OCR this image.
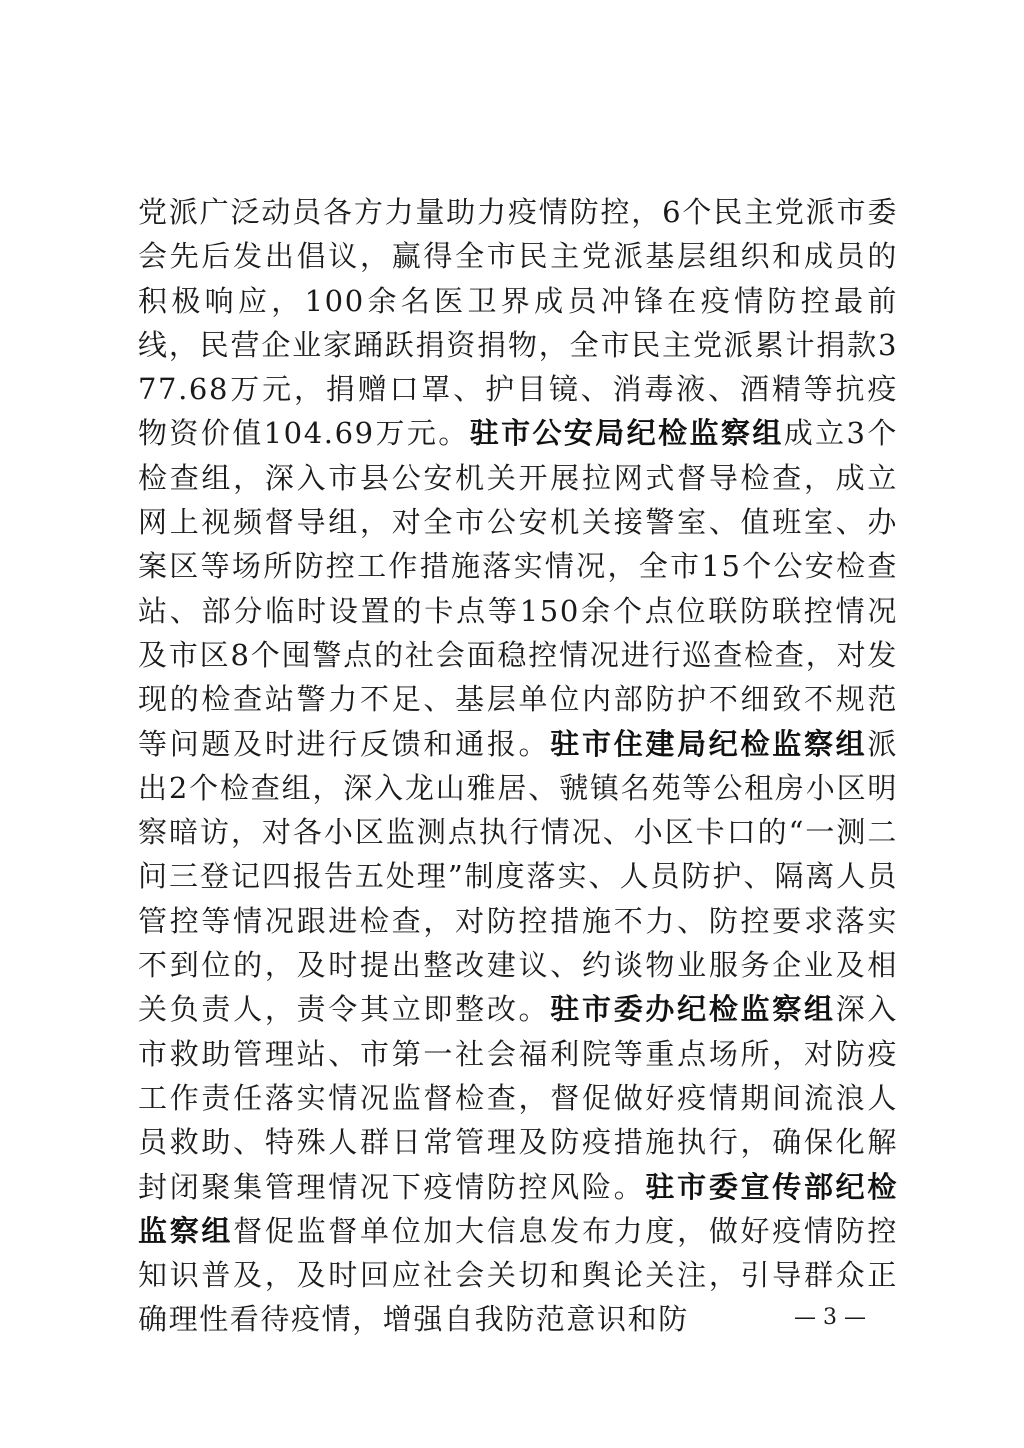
党派广泛动员各方力量助力疫情防控，6个民主党派市委会先后发出倡议，赢得全市民主党派基层组织和成员的积极响应，100余名医卫界成员冲锋在疫情防控最前线，民营企业家踊跃捐资捐物，全市民主党派累计捐款377.68万元，捐赠口罩、护目镜、消毒液、酒精等抗疫物资价值104.69万元。驻市公安局纪检监察组成立3个检查组，深入市县公安机关开展拉网式督导检查，成立网上视频督导组，对全市公安机关接警室、值班室、办案区等场所防控工作措施落实情况，全市15个公安检查站、部分临时设置的卡点等150余个点位联防联控情况及市区8个囤警点的社会面稳控情况进行巡查检查，对发现的检查站警力不足、基层单位内部防护不细致不规范等问题及时进行反馈和通报。驻市住建局纪检监察组派出2个检查组，深入龙山雅居、虢镇名苑等公租房小区明察暗访，对各小区监测点执行情况、小区卡口的“一测二问三登记四报告五处理”制度落实、人员防护、隔离人员管控等情况跟进检查，对防控措施不力、防控要求落实不到位的，及时提出整改建议、约谈物业服务企业及相关负责人，责令其立即整改。驻市委办纪检监察组深入市救助管理站、市第一社会福利院等重点场所，对防疫工作责任落实情况监督检查，督促做好疫情期间流浪人员救助、特殊人群日常管理及防疫措施执行，确保化解封闭聚集管理情况下疫情防控风险。驻市委宣传部纪检监察组督促监督单位加大信息发布力度，做好疫情防控知识普及，及时回应社会关切和舆论关注，引导群众正确理性看待疫情，增强自我防范意识和防	— 3 —
